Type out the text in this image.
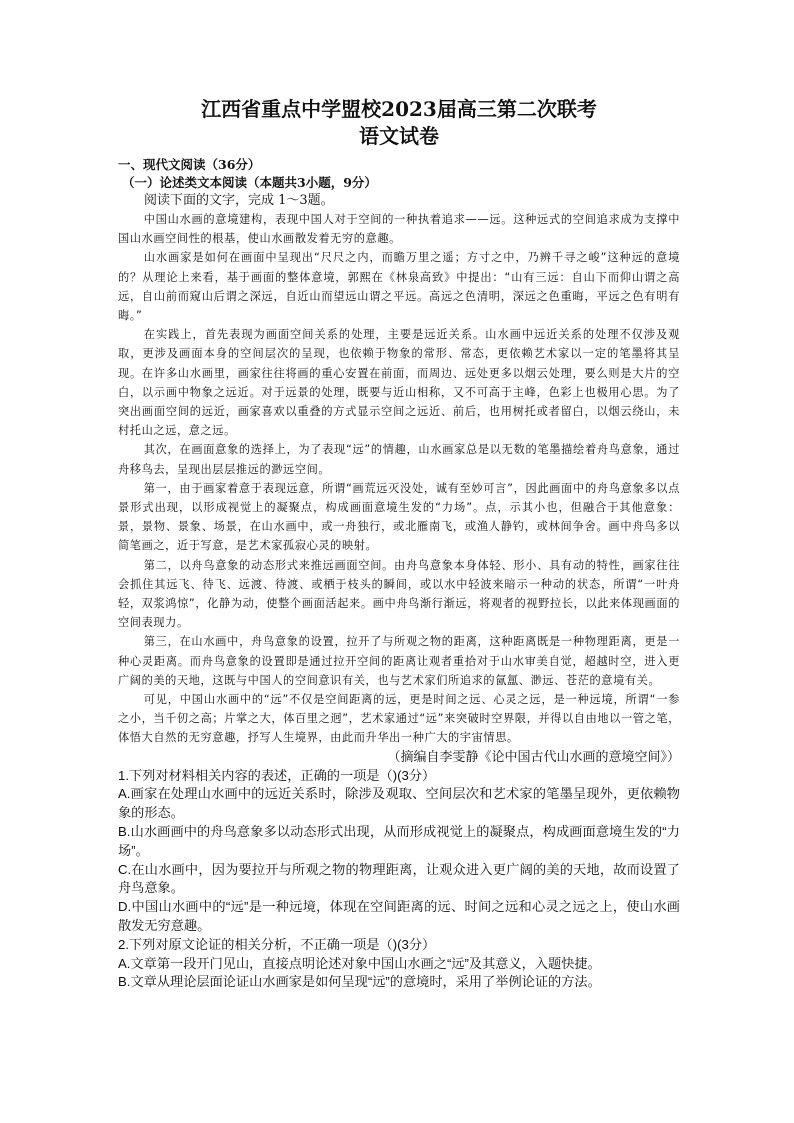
江西省重点中学盟校2023届高三第二次联考
语文试卷
一、现代文阅读（36分）
（一）论述类文本阅读（本题共3小题，9分）
阅读下面的文字，完成 1～3题。

中国山水画的意境建构，表现中国人对于空间的一种执着追求——远。这种远式的空间追求成为支撑中国山水画空间性的根基，使山水画散发着无穷的意趣。

山水画家是如何在画面中呈现出“尺尺之内，而瞻万里之遥；方寸之中，乃辨千寻之峻”这种远的意境的？从理论上来看，基于画面的整体意境，郭熙在《林泉高致》中提出：“山有三远：自山下而仰山谓之高远，自山前而窥山后谓之深远，自近山而望远山谓之平远。高远之色清明，深远之色重晦，平远之色有明有晦。”

在实践上，首先表现为画面空间关系的处理，主要是远近关系。山水画中远近关系的处理不仅涉及观取，更涉及画面本身的空间层次的呈现，也依赖于物象的常形、常态，更依赖艺术家以一定的笔墨将其呈现。在许多山水画里，画家往往将画的重心安置在前面，而周边、远处更多以烟云处理，要么则是大片的空白，以示画中物象之远近。对于远景的处理，既要与近山相称，又不可高于主峰，色彩上也极用心思。为了突出画面空间的远近，画家喜欢以重叠的方式显示空间之远近、前后，也用树托或者留白，以烟云绕山，未村托山之远，意之远。

其次，在画面意象的选择上，为了表现“远”的情趣，山水画家总是以无数的笔墨描绘着舟鸟意象，通过舟移鸟去，呈现出层层推远的渺远空间。

第一，由于画家着意于表现远意，所谓“画荒远灭没处，诚有至妙可言”，因此画面中的舟鸟意象多以点景形式出现，以形成视觉上的凝聚点，构成画面意境生发的“力场”。点，示其小也，但融合于其他意象：景，景物、景象、场景，在山水画中，或一舟独行，或北雁南飞，或渔人静钓，或林间争舍。画中舟鸟多以简笔画之，近于写意，是艺术家孤寂心灵的映射。

第二，以舟鸟意象的动态形式来推远画面空间。由舟鸟意象本身体轻、形小、具有动的特性，画家往往会抓住其远飞、待飞、远渡、待渡、或栖于枝头的瞬间，或以水中轻波来暗示一种动的状态，所谓“一叶舟轻，双浆鸿惊”，化静为动，使整个画面活起来。画中舟鸟渐行渐远，将观者的视野拉长，以此来体现画面的空间表现力。

第三，在山水画中，舟鸟意象的设置，拉开了与所观之物的距离，这种距离既是一种物理距离，更是一种心灵距离。而舟鸟意象的设置即是通过拉开空间的距离让观者重拾对于山水审美自觉，超越时空，进入更广阔的美的天地，这既与中国人的空间意识有关，也与艺术家们所追求的氤氲、渺远、苍茫的意境有关。

可见，中国山水画中的“远”不仅是空间距离的远，更是时间之远、心灵之远，是一种远境，所谓“一参之小，当千仞之高；片掌之大，体百里之迥”，艺术家通过“远”来突破时空界限，并得以自由地以一管之笔，体悟大自然的无穷意趣，抒写人生境界，由此而升华出一种广大的宇宙情思。

（摘编自李雯静《论中国古代山水画的意境空间》）
1.下列对材料相关内容的表述，正确的一项是（)(3分）
A.画家在处理山水画中的远近关系时，除涉及观取、空间层次和艺术家的笔墨呈现外，更依赖物象的形态。
B.山水画画中的舟鸟意象多以动态形式出现，从而形成视觉上的凝聚点，构成画面意境生发的“力场”。
C.在山水画中，因为要拉开与所观之物的物理距离，让观众进入更广阔的美的天地，故而设置了舟鸟意象。
D.中国山水画中的“远”是一种远境，体现在空间距离的远、时间之远和心灵之远之上，使山水画散发无穷意趣。
2.下列对原文论证的相关分析，不正确一项是（)(3分）
A.文章第一段开门见山，直接点明论述对象中国山水画之“远”及其意义，入题快捷。
B.文章从理论层面论证山水画家是如何呈现“远”的意境时，采用了举例论证的方法。
